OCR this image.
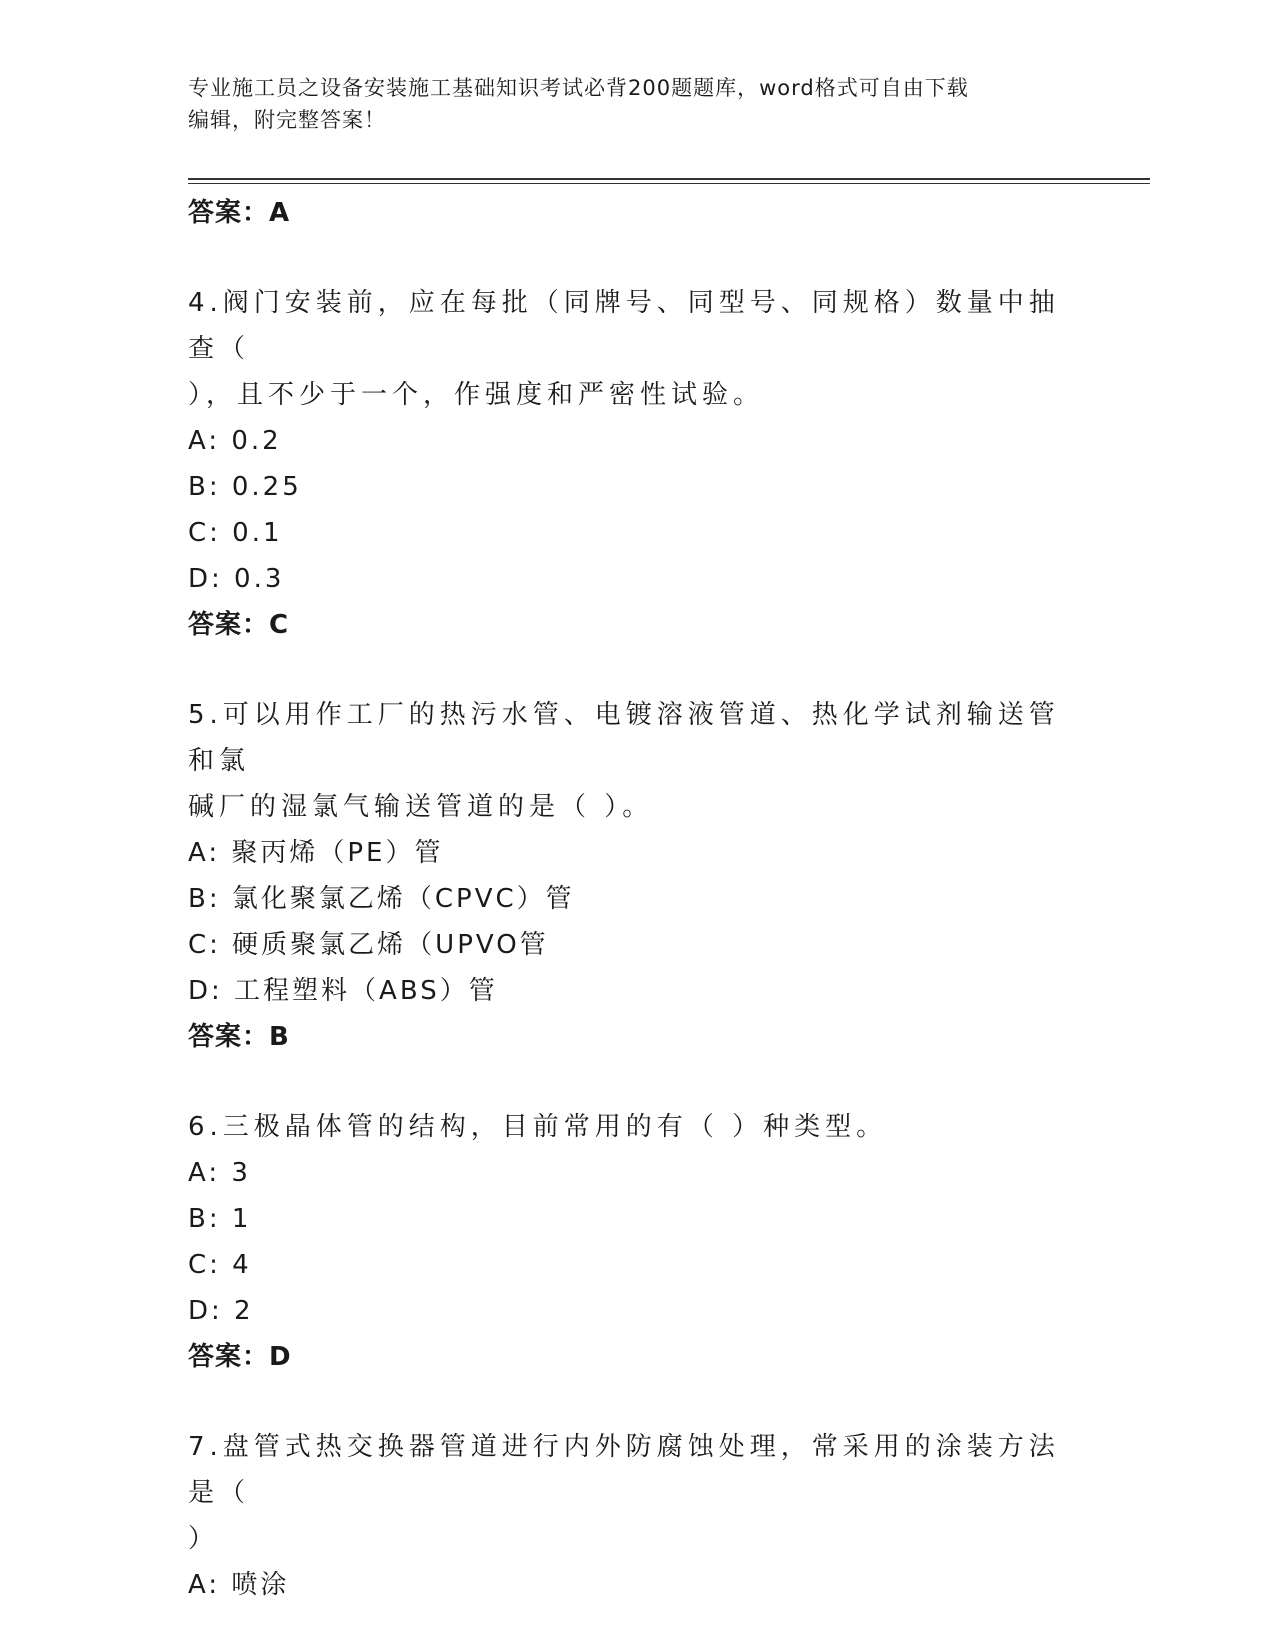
专业施工员之设备安装施工基础知识考试必背200题题库，word格式可自由下载
编辑，附完整答案！
答案：A
4.阀门安装前，应在每批（同牌号、同型号、同规格）数量中抽查（
），且不少于一个，作强度和严密性试验。
A: 0.2
B: 0.25
C: 0.1
D: 0.3
答案：C
5.可以用作工厂的热污水管、电镀溶液管道、热化学试剂输送管和氯
碱厂的湿氯气输送管道的是（ ）。
A: 聚丙烯（PE）管
B: 氯化聚氯乙烯（CPVC）管
C: 硬质聚氯乙烯（UPVO管
D: 工程塑料（ABS）管
答案：B
6.三极晶体管的结构，目前常用的有（ ）种类型。
A: 3
B: 1
C: 4
D: 2
答案：D
7.盘管式热交换器管道进行内外防腐蚀处理，常采用的涂装方法是（
）
A: 喷涂
